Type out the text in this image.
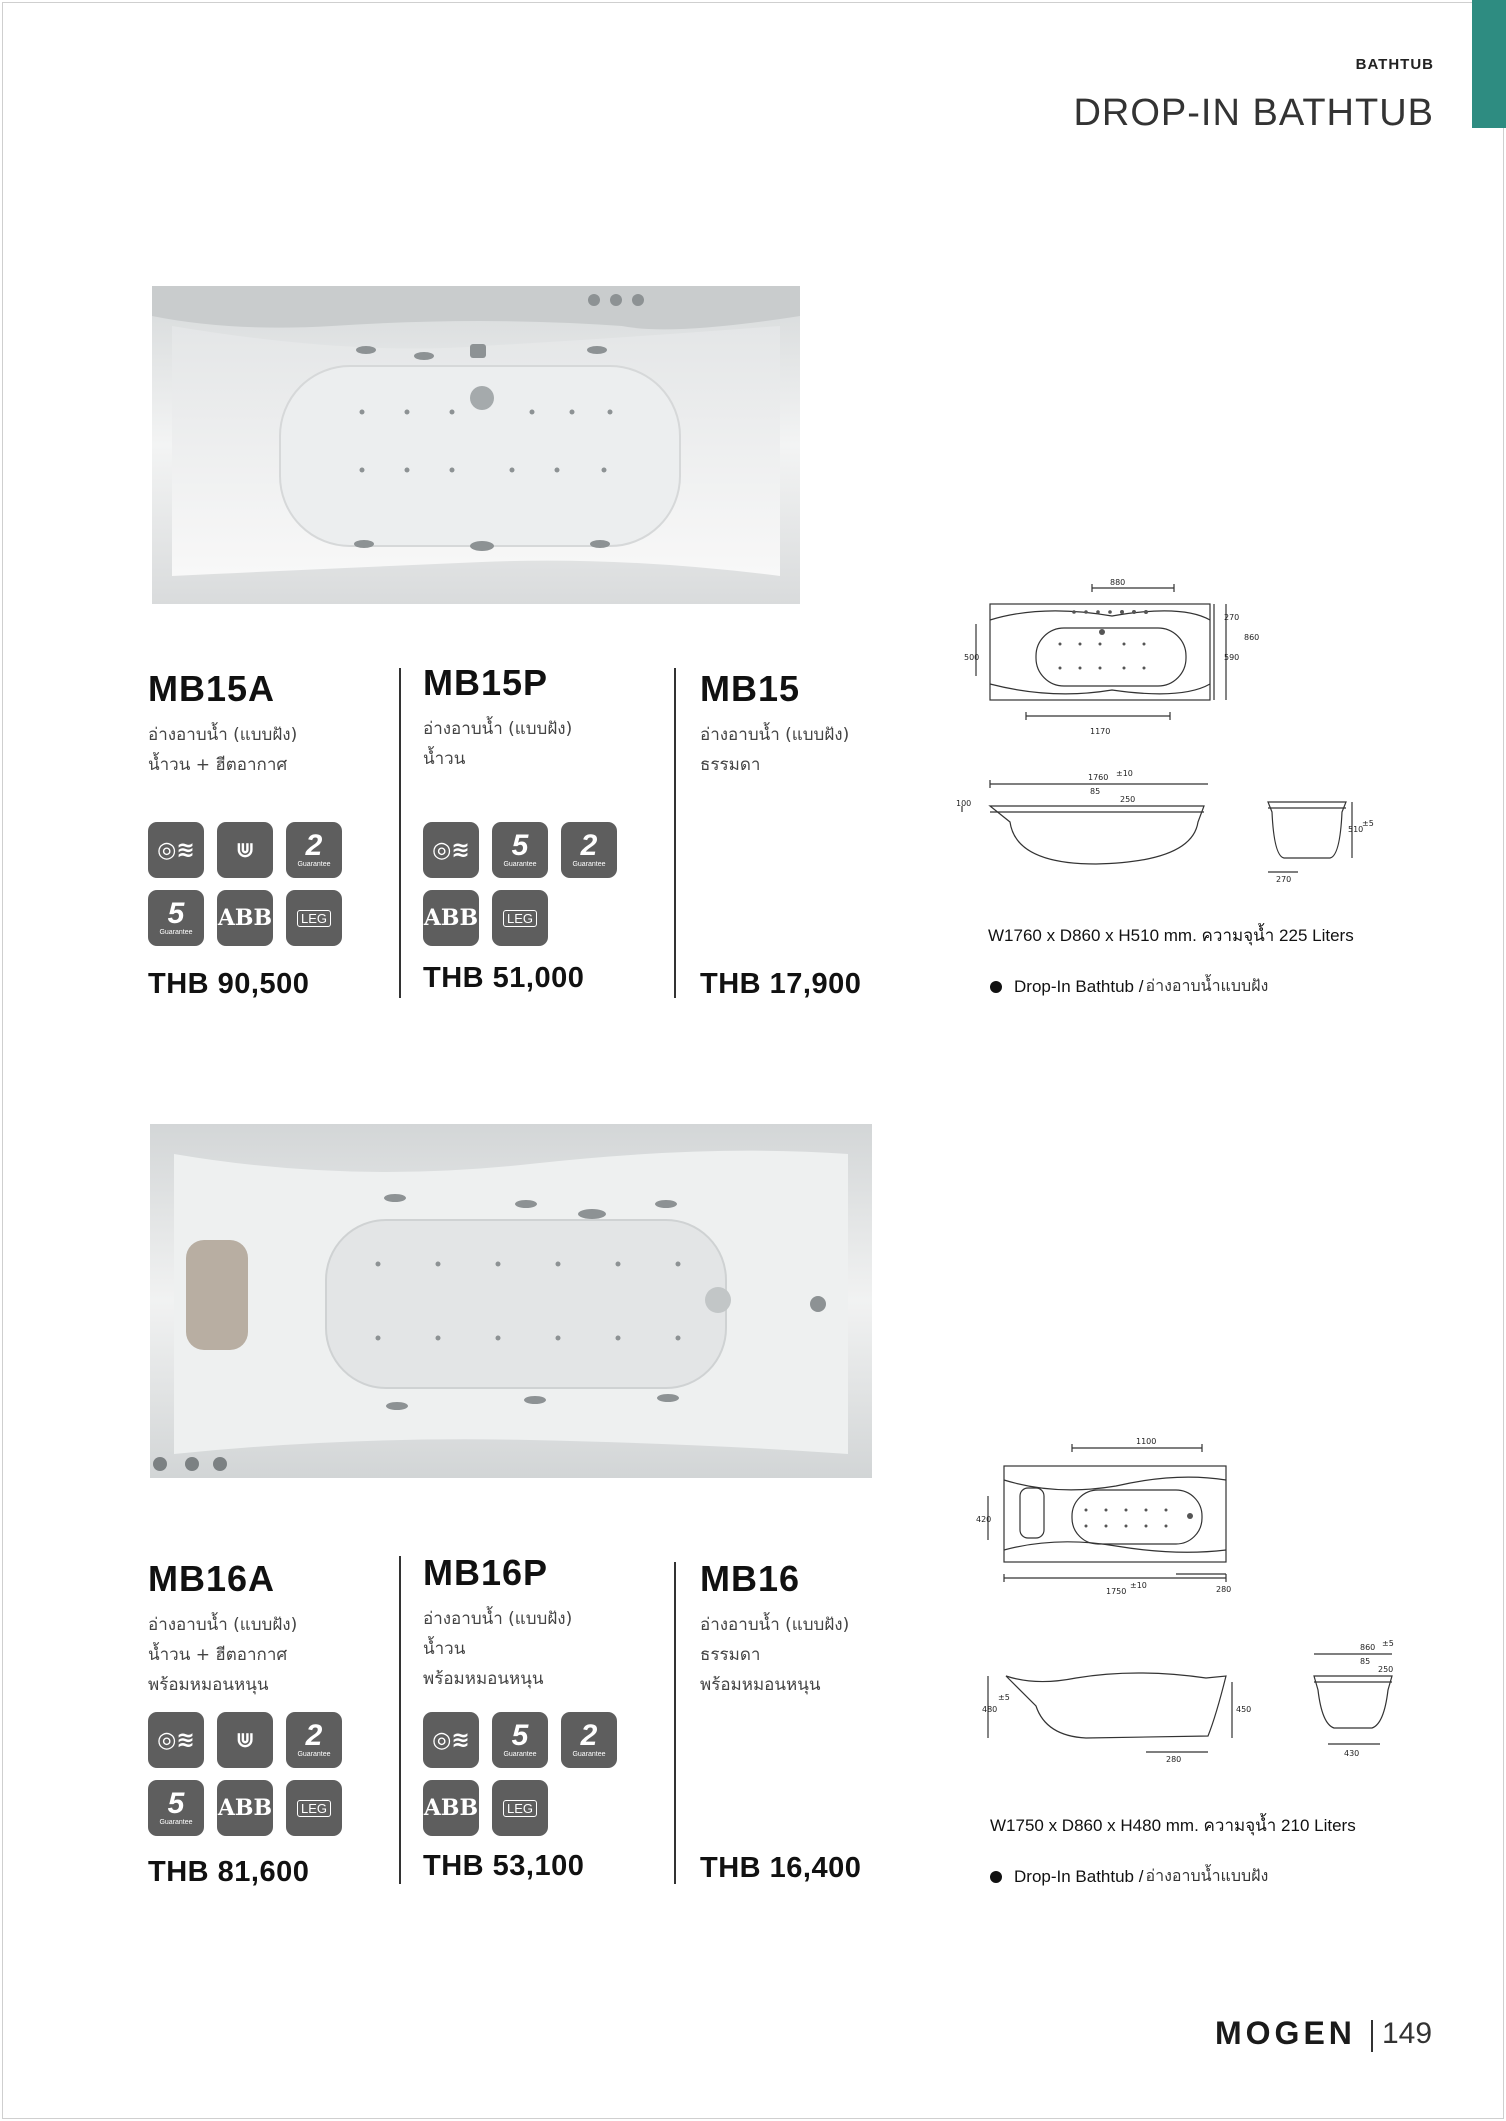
BATHTUB
DROP-IN BATHTUB
MB15A
อ่างอาบน้ำ (แบบฝัง)
น้ำวน + ฮีตอากาศ
◎≋ ⋓ 2
Guarantee
5
Guarantee
ABB	LEG
THB 90,500
MB15P
อ่างอาบน้ำ (แบบฝัง)
น้ำวน
◎≋ 5
Guarantee
2
Guarantee
ABB	LEG
THB 51,000
MB15
อ่างอาบน้ำ (แบบฝัง)
ธรรมดา
THB 17,900
880
270
590
860
500
1170
1760 ±10
85
250
100
510
±5
270
W1760 x D860 x H510 mm. ความจุน้ำ 225 Liters
Drop-In Bathtub / อ่างอาบน้ำแบบฝัง
MB16A
อ่างอาบน้ำ (แบบฝัง)
น้ำวน + ฮีตอากาศ
พร้อมหมอนหนุน
◎≋ ⋓ 2
Guarantee
5
Guarantee
ABB	LEG
THB 81,600
MB16P
อ่างอาบน้ำ (แบบฝัง)
น้ำวน
พร้อมหมอนหนุน
◎≋ 5
Guarantee
2
Guarantee
ABB	LEG
THB 53,100
MB16
อ่างอาบน้ำ (แบบฝัง)
ธรรมดา
พร้อมหมอนหนุน
THB 16,400
1100
420
1750
±10	280
480
±5
450
280
860 ±5
85
250
430
W1750 x D860 x H480 mm. ความจุน้ำ 210 Liters
Drop-In Bathtub / อ่างอาบน้ำแบบฝัง
MOGEN 149
